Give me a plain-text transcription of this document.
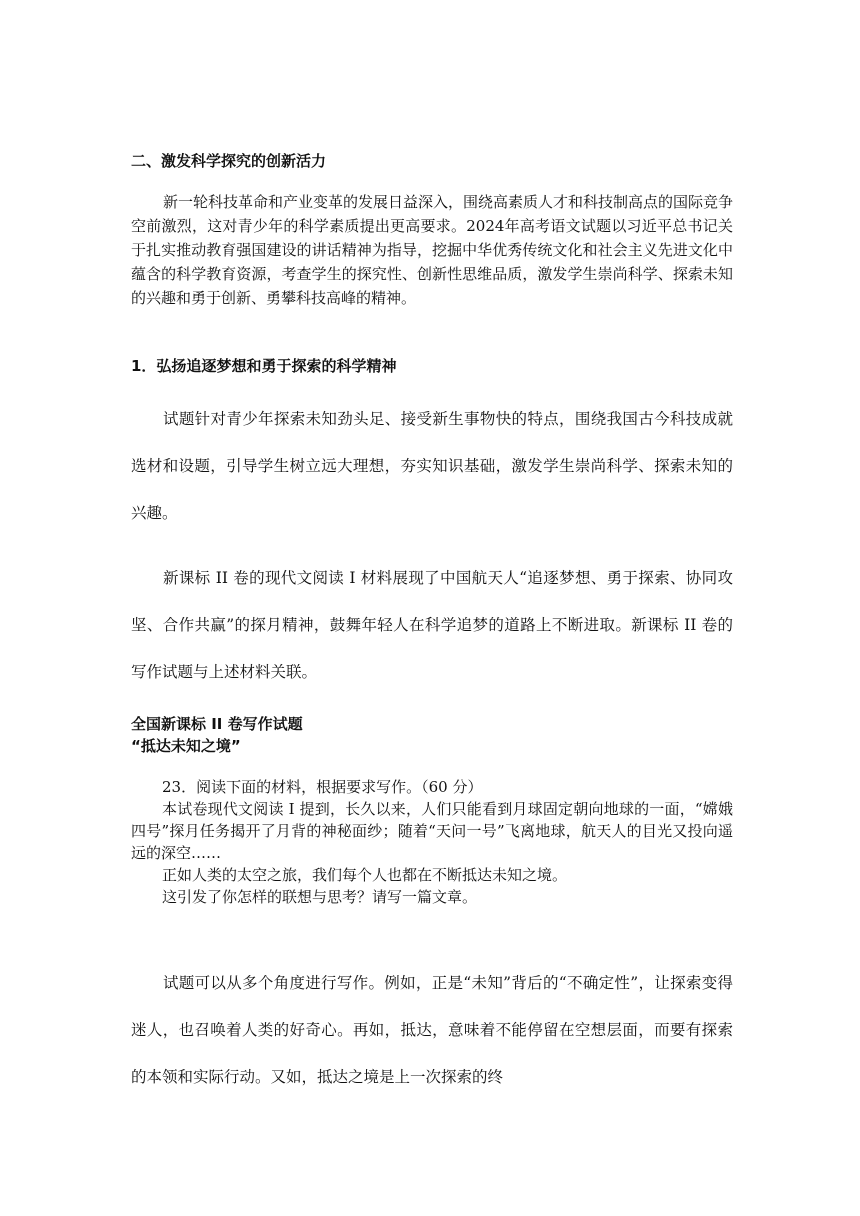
二、激发科学探究的创新活力
新一轮科技革命和产业变革的发展日益深入，围绕高素质人才和科技制高点的国际竞争空前激烈，这对青少年的科学素质提出更高要求。2024年高考语文试题以习近平总书记关于扎实推动教育强国建设的讲话精神为指导，挖掘中华优秀传统文化和社会主义先进文化中蕴含的科学教育资源，考查学生的探究性、创新性思维品质，激发学生崇尚科学、探索未知的兴趣和勇于创新、勇攀科技高峰的精神。
1．弘扬追逐梦想和勇于探索的科学精神
试题针对青少年探索未知劲头足、接受新生事物快的特点，围绕我国古今科技成就选材和设题，引导学生树立远大理想，夯实知识基础，激发学生崇尚科学、探索未知的兴趣。
新课标 II 卷的现代文阅读 I 材料展现了中国航天人“追逐梦想、勇于探索、协同攻坚、合作共赢”的探月精神，鼓舞年轻人在科学追梦的道路上不断进取。新课标 II 卷的写作试题与上述材料关联。
全国新课标 II 卷写作试题
“抵达未知之境”
23．阅读下面的材料，根据要求写作。（60 分）
本试卷现代文阅读 I 提到，长久以来，人们只能看到月球固定朝向地球的一面，“嫦娥四号”探月任务揭开了月背的神秘面纱；随着“天问一号”飞离地球，航天人的目光又投向遥远的深空……
正如人类的太空之旅，我们每个人也都在不断抵达未知之境。
这引发了你怎样的联想与思考？请写一篇文章。
试题可以从多个角度进行写作。例如，正是“未知”背后的“不确定性”，让探索变得迷人，也召唤着人类的好奇心。再如，抵达，意味着不能停留在空想层面，而要有探索的本领和实际行动。又如，抵达之境是上一次探索的终
